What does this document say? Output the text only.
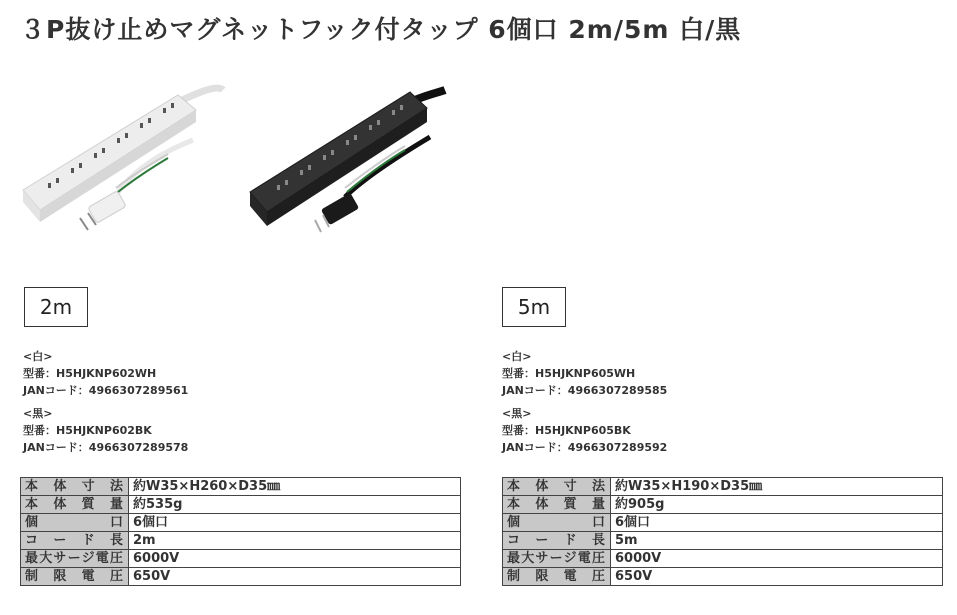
３P抜け止めマグネットフック付タップ 6個口 2m/5m 白/黒
2m
<白>
型番：H5HJKNP602WH
JANコード：4966307289561
<黒>
型番：H5HJKNP602BK
JANコード：4966307289578
本体寸法	約W35×H260×D35㎜
本体質量	約535g
個口	6個口
コード長	2m
最大サージ電圧	6000V
制限電圧	650V
5m
<白>
型番：H5HJKNP605WH
JANコード：4966307289585
<黒>
型番：H5HJKNP605BK
JANコード：4966307289592
本体寸法	約W35×H190×D35㎜
本体質量	約905g
個口	6個口
コード長	5m
最大サージ電圧	6000V
制限電圧	650V
